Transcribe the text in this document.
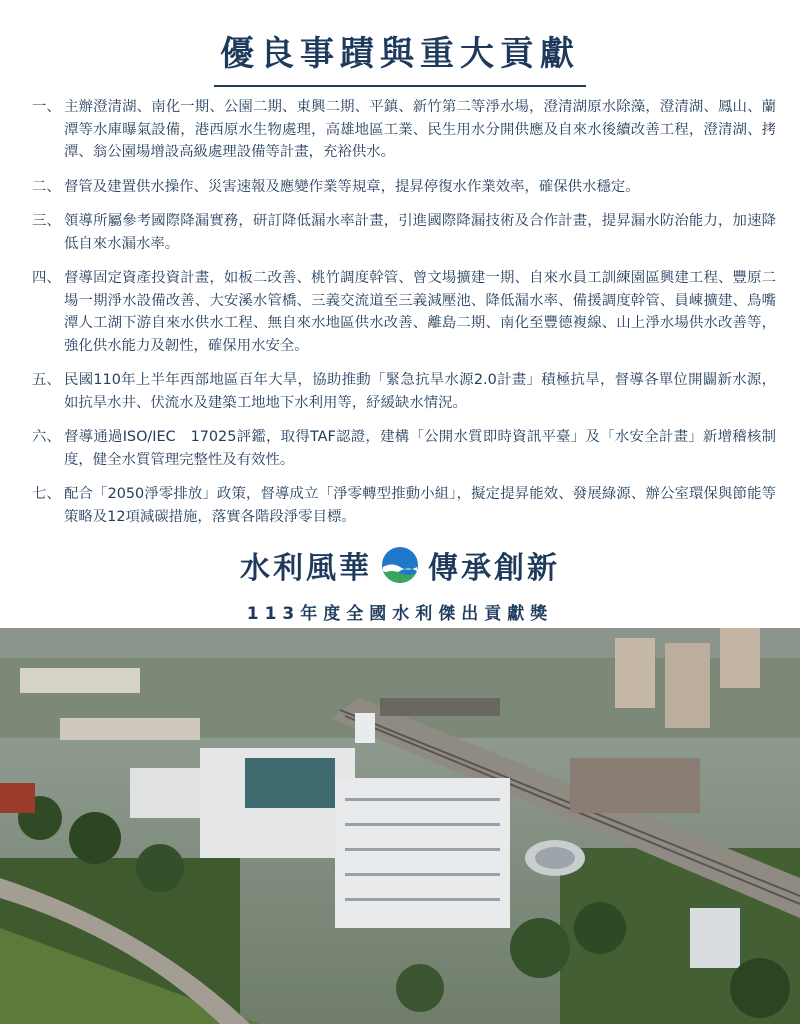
優良事蹟與重大貢獻
一、 主辦澄清湖、南化一期、公園二期、東興二期、平鎮、新竹第二等淨水場，澄清湖原水除藻，澄清湖、鳳山、蘭潭等水庫曝氣設備，港西原水生物處理，高雄地區工業、民生用水分開供應及自來水後續改善工程，澄清湖、拷潭、翁公園場增設高級處理設備等計畫，充裕供水。
二、 督管及建置供水操作、災害速報及應變作業等規章，提昇停復水作業效率，確保供水穩定。
三、 領導所屬參考國際降漏實務，研訂降低漏水率計畫，引進國際降漏技術及合作計畫，提昇漏水防治能力，加速降低自來水漏水率。
四、 督導固定資產投資計畫，如板二改善、桃竹調度幹管、曾文場擴建一期、自來水員工訓練園區興建工程、豐原二場一期淨水設備改善、大安溪水管橋、三義交流道至三義減壓池、降低漏水率、備援調度幹管、員崠擴建、鳥嘴潭人工湖下游自來水供水工程、無自來水地區供水改善、離島二期、南化至豐德複線、山上淨水場供水改善等，強化供水能力及韌性，確保用水安全。
五、 民國110年上半年西部地區百年大旱，協助推動「緊急抗旱水源2.0計畫」積極抗旱，督導各單位開闢新水源，如抗旱水井、伏流水及建築工地地下水利用等，紓緩缺水情況。
六、 督導通過ISO/IEC　17025評鑑，取得TAF認證，建構「公開水質即時資訊平臺」及「水安全計畫」新增稽核制度，健全水質管理完整性及有效性。
七、 配合「2050淨零排放」政策，督導成立「淨零轉型推動小組」，擬定提昇能效、發展綠源、辦公室環保與節能等策略及12項減碳措施，落實各階段淨零目標。
水利風華 傳承創新
113年度全國水利傑出貢獻獎
